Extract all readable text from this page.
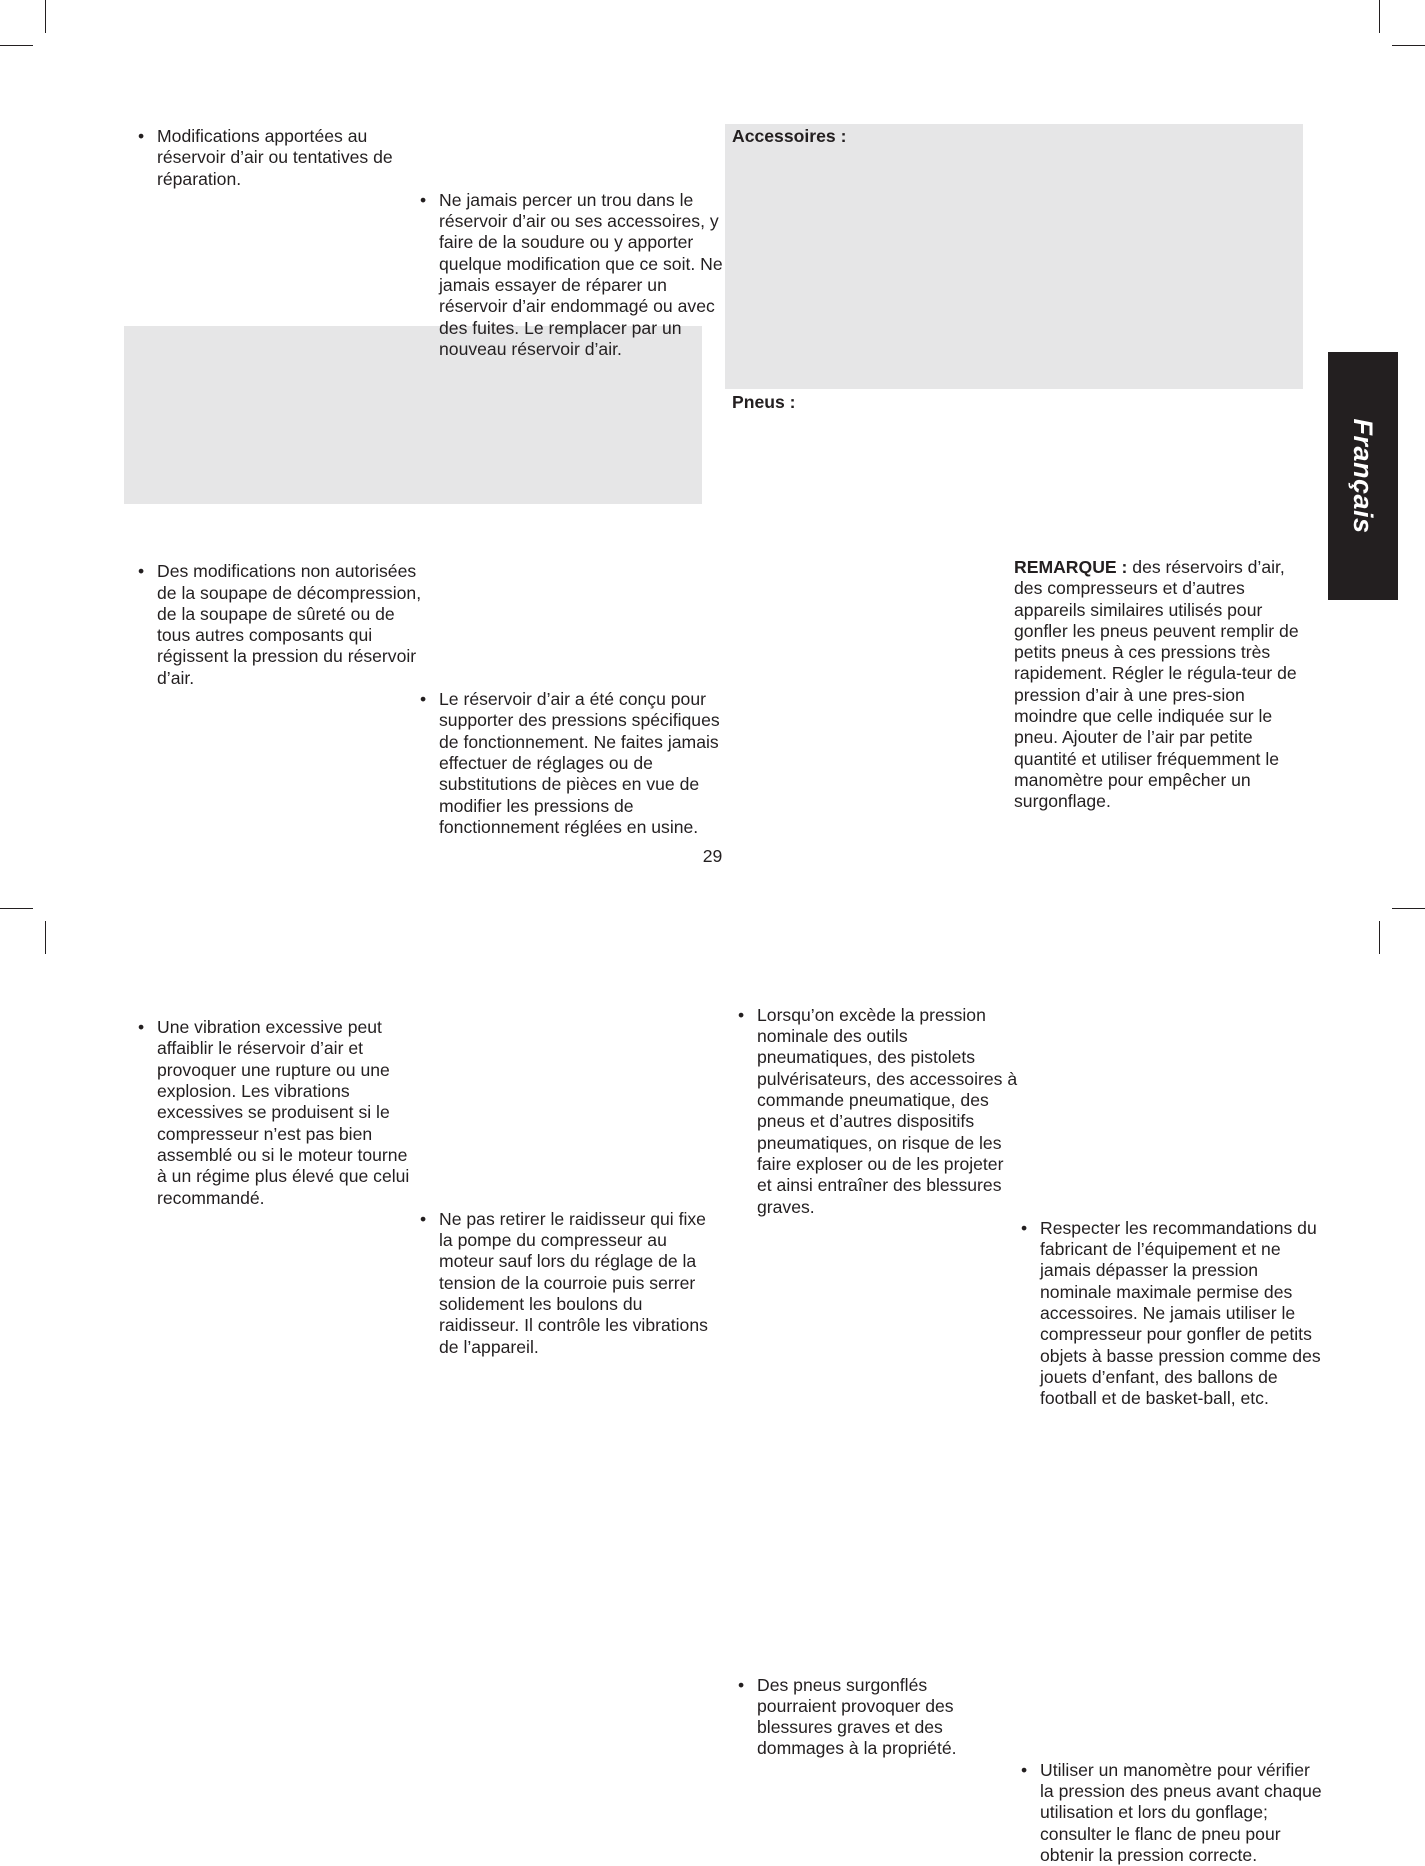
• Modifications apportées au réservoir d’air ou tentatives de réparation.
• Ne jamais percer un trou dans le réservoir d’air ou ses accessoires, y faire de la soudure ou y apporter quelque modification que ce soit. Ne jamais essayer de réparer un réservoir d’air endommagé ou avec des fuites. Le remplacer par un nouveau réservoir d’air.
• Des modifications non autorisées de la soupape de décompression, de la soupape de sûreté ou de tous autres composants qui régissent la pression du réservoir d’air.
• Le réservoir d’air a été conçu pour supporter des pressions spécifiques de fonctionnement. Ne faites jamais effectuer de réglages ou de substitutions de pièces en vue de modifier les pressions de fonctionnement réglées en usine.
• Une vibration excessive peut affaiblir le réservoir d’air et provoquer une rupture ou une explosion. Les vibrations excessives se produisent si le compresseur n’est pas bien assemblé ou si le moteur tourne à un régime plus élevé que celui recommandé.
• Ne pas retirer le raidisseur qui fixe la pompe du compresseur au moteur sauf lors du réglage de la tension de la courroie puis serrer solidement les boulons du raidisseur. Il contrôle les vibrations de l’appareil.
Accessoires :
• Lorsqu’on excède la pression nominale des outils pneumatiques, des pistolets pulvérisateurs, des accessoires à commande pneumatique, des pneus et d’autres dispositifs pneumatiques, on risque de les faire exploser ou de les projeter et ainsi entraîner des blessures graves.
• Respecter les recommandations du fabricant de l’équipement et ne jamais dépasser la pression nominale maximale permise des accessoires. Ne jamais utiliser le compresseur pour gonfler de petits objets à basse pression comme des jouets d’enfant, des ballons de football et de basket-ball, etc.
Pneus :
• Des pneus surgonflés pourraient provoquer des blessures graves et des dommages à la propriété.
• Utiliser un manomètre pour vérifier la pression des pneus avant chaque utilisation et lors du gonflage; consulter le flanc de pneu pour obtenir la pression correcte.
REMARQUE : des réservoirs d’air, des compresseurs et d’autres appareils similaires utilisés pour gonfler les pneus peuvent remplir de petits pneus à ces pressions très rapidement. Régler le régula-teur de pression d’air à une pres-sion moindre que celle indiquée sur le pneu. Ajouter de l’air par petite quantité et utiliser fréquemment le manomètre pour empêcher un surgonflage.
Français
29
